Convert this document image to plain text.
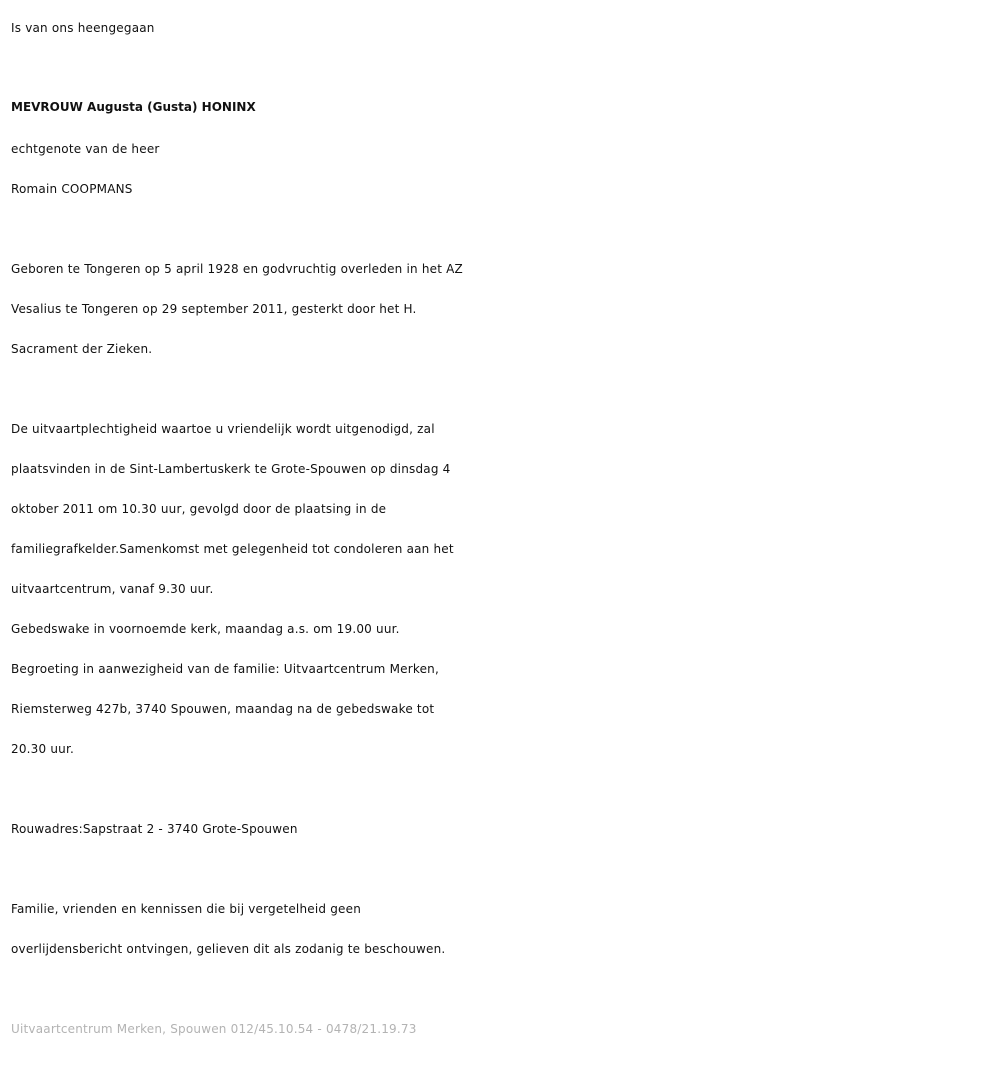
Is van ons heengegaan
MEVROUW Augusta (Gusta) HONINX
echtgenote van de heer
Romain COOPMANS
Geboren te Tongeren op 5 april 1928 en godvruchtig overleden in het AZ
Vesalius te Tongeren op 29 september 2011, gesterkt door het H.
Sacrament der Zieken.
De uitvaartplechtigheid waartoe u vriendelijk wordt uitgenodigd, zal
plaatsvinden in de Sint-Lambertuskerk te Grote-Spouwen op dinsdag 4
oktober 2011 om 10.30 uur, gevolgd door de plaatsing in de
familiegrafkelder.Samenkomst met gelegenheid tot condoleren aan het
uitvaartcentrum, vanaf 9.30 uur.
Gebedswake in voornoemde kerk, maandag a.s. om 19.00 uur.
Begroeting in aanwezigheid van de familie: Uitvaartcentrum Merken,
Riemsterweg 427b, 3740 Spouwen, maandag na de gebedswake tot
20.30 uur.
Rouwadres:Sapstraat 2 - 3740 Grote-Spouwen
Familie, vrienden en kennissen die bij vergetelheid geen
overlijdensbericht ontvingen, gelieven dit als zodanig te beschouwen.
Uitvaartcentrum Merken, Spouwen 012/45.10.54 - 0478/21.19.73
